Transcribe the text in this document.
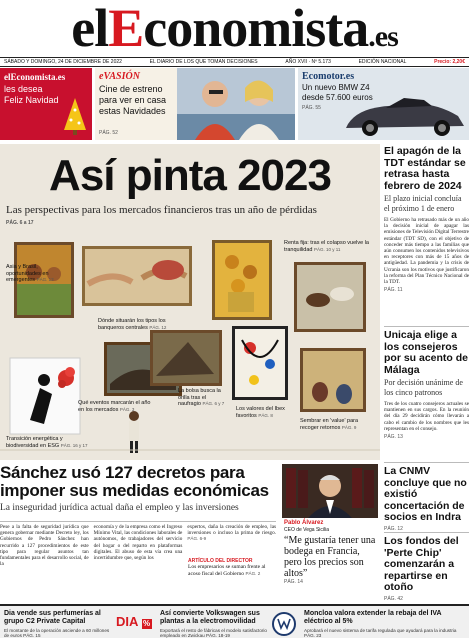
elEconomista.es
SÁBADO Y DOMINGO, 24 DE DICIEMBRE DE 2022	EL DIARIO DE LOS QUE TOMAN DECISIONES	AÑO XVII · Nº 5.173	EDICIÓN NACIONAL	Precio: 2,20€
elEconomista.es
les desea Feliz Navidad
eVASIÓN
Cine de estreno para ver en casa estas Navidades
PÁG. 52
Ecomotor.es
Un nuevo BMW Z4 desde 57.600 euros
PÁG. 55
Así pinta 2023
Las perspectivas para los mercados financieros tras un año de pérdidas
PÁG. 6 a 17
Asia y Brasil, oportunidades en emergentes PÁG. 13
Dónde situarán los tipos los banqueros centrales PÁG. 12
Renta fija: tras el colapso vuelve la tranquilidad PÁG. 10 y 11
Qué eventos marcarán el año en los mercados PÁG. 3
La bolsa busca la orilla tras el naufragio PÁG. 6 y 7
Los valores del Ibex favoritos PÁG. 8
Transición energética y biodiversidad en ESG PÁG. 16 y 17
Sembrar en 'value' para recoger retornos PÁG. 9
El apagón de la TDT estándar se retrasa hasta febrero de 2024
El plazo inicial concluía el próximo 1 de enero
El Gobierno ha retrasado más de un año la decisión inicial de apagar las emisiones de Televisión Digital Terrestre estándar (TDT SD), con el objetivo de conceder más tiempo a las familias que aún consumen los contenidos televisivos en receptores con más de 15 años de antigüedad. La pandemia y la crisis de Ucrania son los motivos que justificaron la reforma del Plan Técnico Nacional de la TDT.
PÁG. 11
Unicaja elige a los consejeros por su acento de Málaga
Por decisión unánime de los cinco patronos
Tres de los cuatro consejeros actuales se mantienen en sus cargos. En la reunión del día 29 decidirán cómo llevarán a cabo el cambio de los nombres que les representan en el consejo.
PÁG. 13
La CNMV concluye que no existió concertación de socios en Indra
PÁG. 12
Los fondos del 'Perte Chip' comenzarán a repartirse en otoño
PÁG. 42
Sánchez usó 127 decretos para imponer sus medidas económicas
La inseguridad jurídica actual daña el empleo y las inversiones

Pese a la falta de seguridad jurídica que genera gobernar mediante Decreto ley, los Gobiernos de Pedro Sánchez han recurrido a 127 procedimientos de este tipo para regular asuntos tan fundamentales para el desarrollo social, de la

economía y de la empresa como el Ingreso Mínimo Vital, las condiciones laborales de autónomos, de trabajadores del servicio del hogar o del reparto en plataformas digitales. El abuso de esta vía crea una incertidumbre que, según los

expertos, daña la creación de empleo, las inversiones o incluso la prima de riesgo. PÁG. 6-9

ARTÍCULO DEL DIRECTOR
Los empresarios se suman frente al acoso fiscal del Gobierno PÁG. 2
Pablo Álvarez
CEO de Vega Sicilia
“Me gustaría tener una bodega en Francia, pero los precios son altos”
PÁG. 14
Dia vende sus perfumerías al grupo C2 Private Capital
El montante de la operación asciende a 60 millones de euros PÁG. 15
DIA %
Así convierte Volkswagen sus plantas a la electromovilidad
Exportará el resto de fábricas el modelo satisfactorio empleado en Zwickau PÁG. 18-19
Moncloa valora extender la rebaja del IVA eléctrico al 5%
Aprobará el nuevo sistema de tarifa regulada que ayudará para la industria PÁG. 23
